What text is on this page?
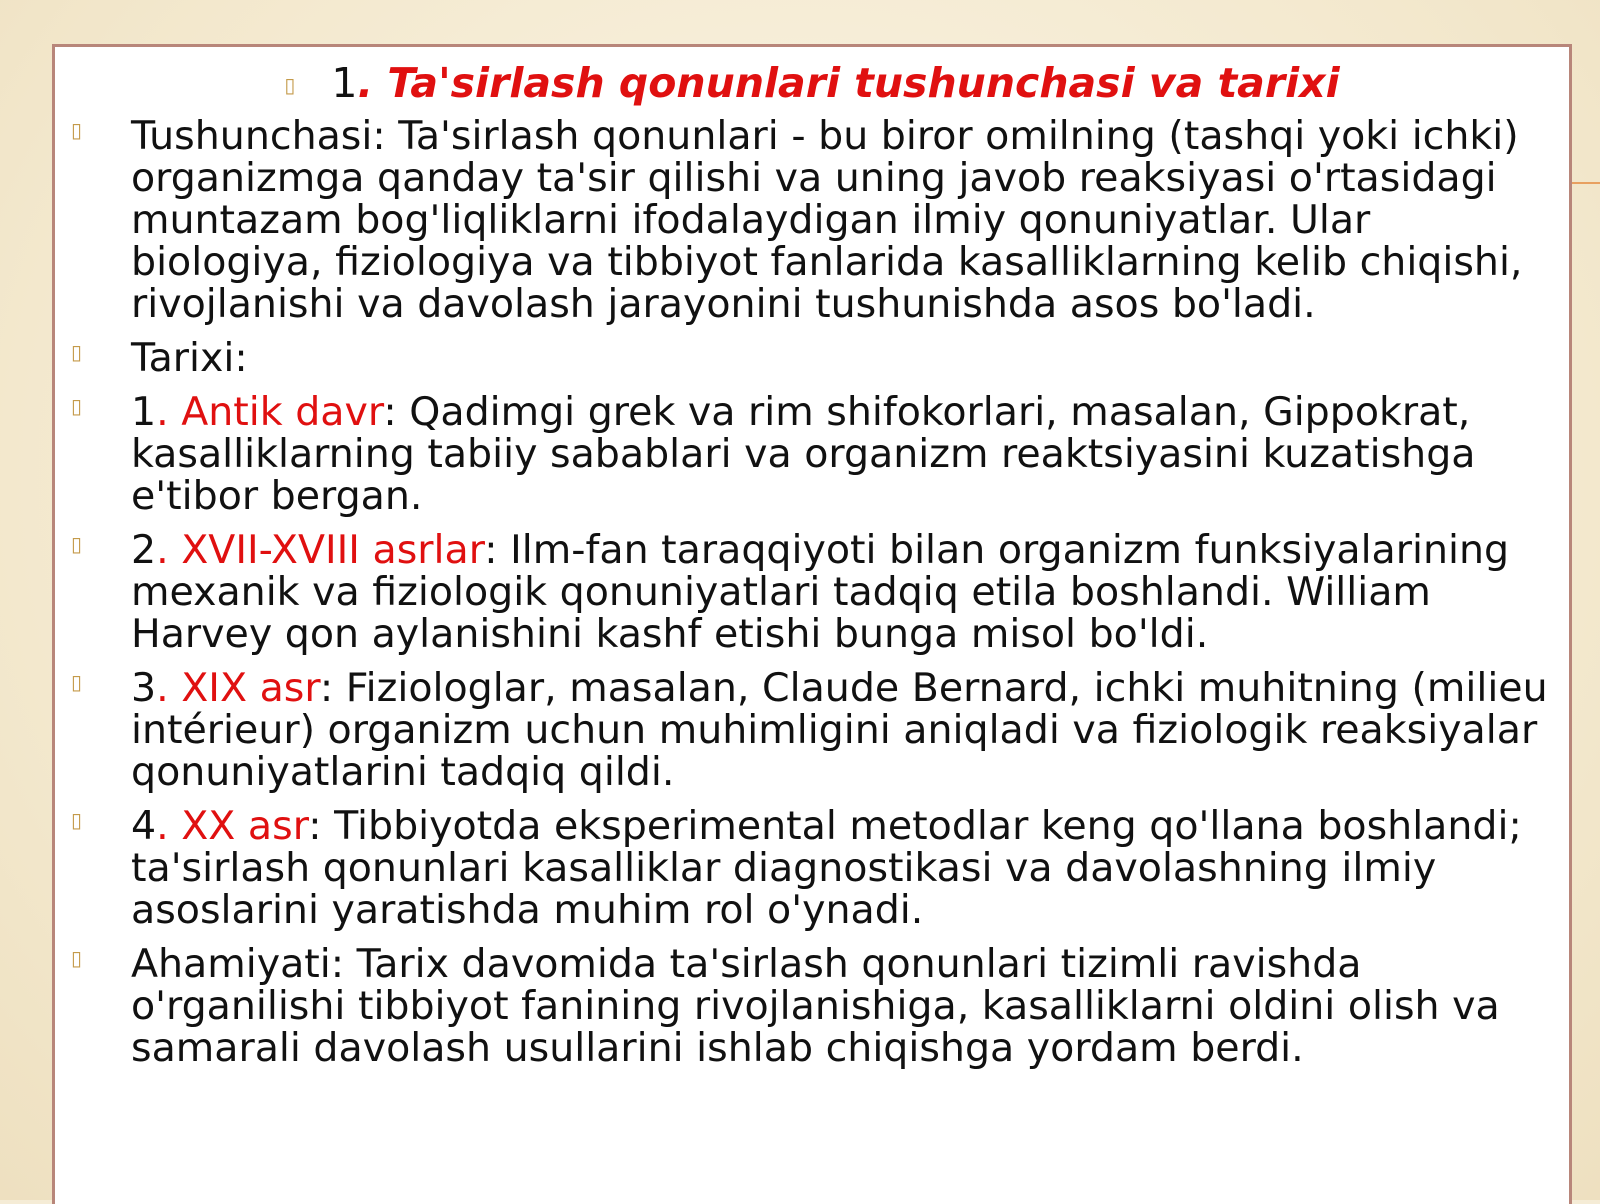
▯ 1. Ta'sirlash qonunlari tushunchasi va tarixi
▯ Tushunchasi: Ta'sirlash qonunlari - bu biror omilning (tashqi yoki ichki) organizmga qanday ta'sir qilishi va uning javob reaksiyasi o'rtasidagi muntazam bog'liqliklarni ifodalaydigan ilmiy qonuniyatlar. Ular biologiya, fiziologiya va tibbiyot fanlarida kasalliklarning kelib chiqishi, rivojlanishi va davolash jarayonini tushunishda asos bo'ladi.
▯ Tarixi:
▯ 1. Antik davr: Qadimgi grek va rim shifokorlari, masalan, Gippokrat, kasalliklarning tabiiy sabablari va organizm reaktsiyasini kuzatishga e'tibor bergan.
▯ 2. XVII-XVIII asrlar: Ilm-fan taraqqiyoti bilan organizm funksiyalarining mexanik va fiziologik qonuniyatlari tadqiq etila boshlandi. William Harvey qon aylanishini kashf etishi bunga misol bo'ldi.
▯ 3. XIX asr: Fiziologlar, masalan, Claude Bernard, ichki muhitning (milieu intérieur) organizm uchun muhimligini aniqladi va fiziologik reaksiyalar qonuniyatlarini tadqiq qildi.
▯ 4. XX asr: Tibbiyotda eksperimental metodlar keng qo'llana boshlandi; ta'sirlash qonunlari kasalliklar diagnostikasi va davolashning ilmiy asoslarini yaratishda muhim rol o'ynadi.
▯ Ahamiyati: Tarix davomida ta'sirlash qonunlari tizimli ravishda o'rganilishi tibbiyot fanining rivojlanishiga, kasalliklarni oldini olish va samarali davolash usullarini ishlab chiqishga yordam berdi.
